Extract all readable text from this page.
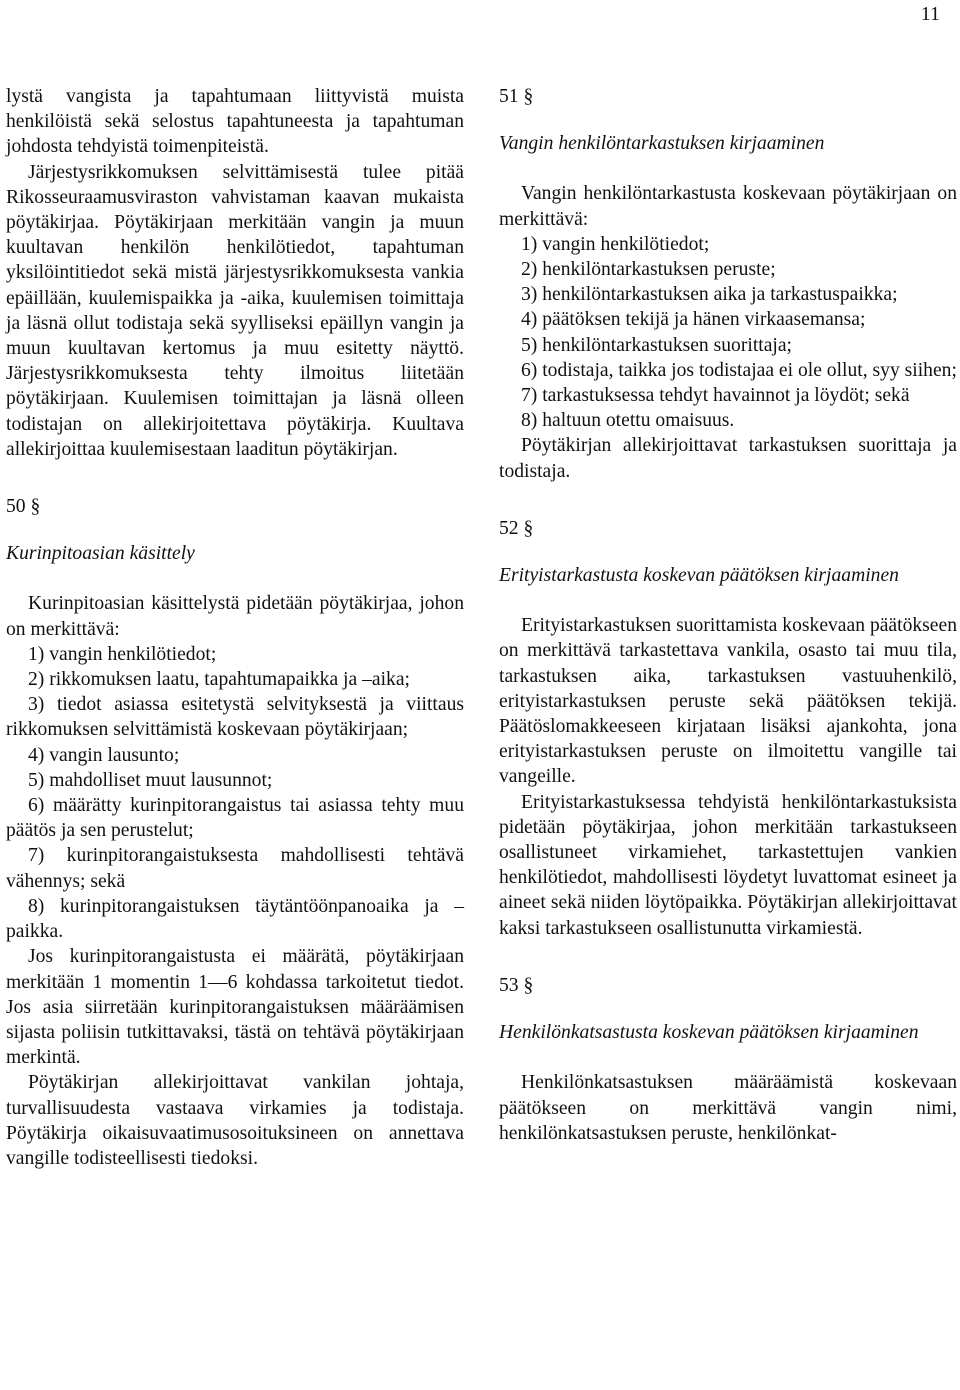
11

lystä vangista ja tapahtumaan liittyvistä muista henkilöistä sekä selostus tapahtuneesta ja tapahtuman johdosta tehdyistä toimenpiteistä.

Järjestysrikkomuksen selvittämisestä tulee pitää Rikosseuraamusviraston vahvistaman kaavan mukaista pöytäkirjaa. Pöytäkirjaan merkitään vangin ja muun kuultavan henkilön henkilötiedot, tapahtuman yksilöintitiedot sekä mistä järjestysrikkomuksesta vankia epäillään, kuulemispaikka ja -aika, kuulemisen toimittaja ja läsnä ollut todistaja sekä syylliseksi epäillyn vangin ja muun kuultavan kertomus ja muu esitetty näyttö. Järjestysrikkomuksesta tehty ilmoitus liitetään pöytäkirjaan. Kuulemisen toimittajan ja läsnä olleen todistajan on allekirjoitettava pöytäkirja. Kuultava allekirjoittaa kuulemisestaan laaditun pöytäkirjan.

50 §

Kurinpitoasian käsittely

Kurinpitoasian käsittelystä pidetään pöytäkirjaa, johon on merkittävä:

1) vangin henkilötiedot;

2) rikkomuksen laatu, tapahtumapaikka ja –aika;

3) tiedot asiassa esitetystä selvityksestä ja viittaus rikkomuksen selvittämistä koskevaan pöytäkirjaan;

4) vangin lausunto;

5) mahdolliset muut lausunnot;

6) määrätty kurinpitorangaistus tai asiassa tehty muu päätös ja sen perustelut;

7) kurinpitorangaistuksesta mahdollisesti tehtävä vähennys; sekä

8) kurinpitorangaistuksen täytäntöönpanoaika ja –paikka.

Jos kurinpitorangaistusta ei määrätä, pöytäkirjaan merkitään 1 momentin 1—6 kohdassa tarkoitetut tiedot. Jos asia siirretään kurinpitorangaistuksen määräämisen sijasta poliisin tutkittavaksi, tästä on tehtävä pöytäkirjaan merkintä.

Pöytäkirjan allekirjoittavat vankilan johtaja, turvallisuudesta vastaava virkamies ja todistaja. Pöytäkirja oikaisuvaatimusosoituksineen on annettava vangille todisteellisesti tiedoksi.

51 §

Vangin henkilöntarkastuksen kirjaaminen

Vangin henkilöntarkastusta koskevaan pöytäkirjaan on merkittävä:

1) vangin henkilötiedot;

2) henkilöntarkastuksen peruste;

3) henkilöntarkastuksen aika ja tarkastuspaikka;

4) päätöksen tekijä ja hänen virkaasemansa;

5) henkilöntarkastuksen suorittaja;

6) todistaja, taikka jos todistajaa ei ole ollut, syy siihen;

7) tarkastuksessa tehdyt havainnot ja löydöt; sekä

8) haltuun otettu omaisuus.

Pöytäkirjan allekirjoittavat tarkastuksen suorittaja ja todistaja.

52 §

Erityistarkastusta koskevan päätöksen kirjaaminen

Erityistarkastuksen suorittamista koskevaan päätökseen on merkittävä tarkastettava vankila, osasto tai muu tila, tarkastuksen aika, tarkastuksen vastuuhenkilö, erityistarkastuksen peruste sekä päätöksen tekijä. Päätöslomakkeeseen kirjataan lisäksi ajankohta, jona erityistarkastuksen peruste on ilmoitettu vangille tai vangeille.

Erityistarkastuksessa tehdyistä henkilöntarkastuksista pidetään pöytäkirjaa, johon merkitään tarkastukseen osallistuneet virkamiehet, tarkastettujen vankien henkilötiedot, mahdollisesti löydetyt luvattomat esineet ja aineet sekä niiden löytöpaikka. Pöytäkirjan allekirjoittavat kaksi tarkastukseen osallistunutta virkamiestä.

53 §

Henkilönkatsastusta koskevan päätöksen kirjaaminen

Henkilönkatsastuksen määräämistä koskevaan päätökseen on merkittävä vangin nimi, henkilönkatsastuksen peruste, henkilönkat-
